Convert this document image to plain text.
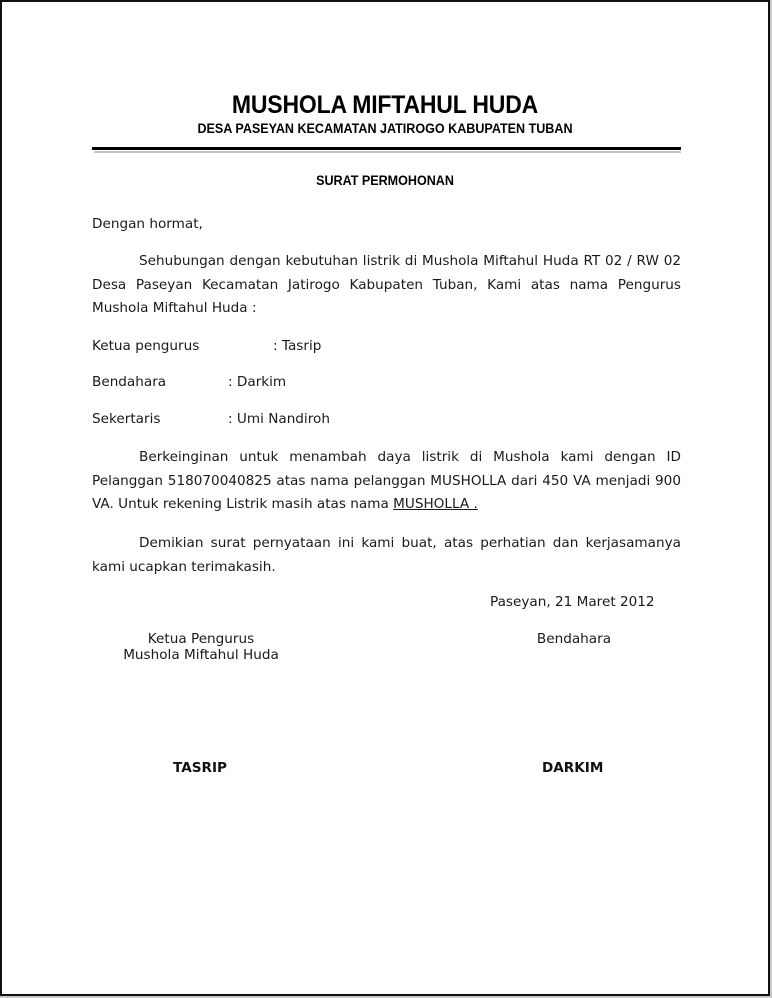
MUSHOLA MIFTAHUL HUDA
DESA PASEYAN KECAMATAN JATIROGO KABUPATEN TUBAN
SURAT PERMOHONAN
Dengan hormat,
Sehubungan dengan kebutuhan listrik di Mushola Miftahul Huda RT 02 / RW 02 Desa Paseyan Kecamatan Jatirogo Kabupaten Tuban, Kami atas nama Pengurus Mushola Miftahul Huda :
Ketua pengurus	: Tasrip
Bendahara	: Darkim
Sekertaris	: Umi Nandiroh
Berkeinginan untuk menambah daya listrik di Mushola kami dengan ID Pelanggan 518070040825 atas nama pelanggan MUSHOLLA dari 450 VA menjadi 900 VA. Untuk rekening Listrik masih atas nama MUSHOLLA .
Demikian surat pernyataan ini kami buat, atas perhatian dan kerjasamanya kami ucapkan terimakasih.
Paseyan, 21 Maret 2012
Ketua Pengurus
Mushola Miftahul Huda
Bendahara
TASRIP	DARKIM
